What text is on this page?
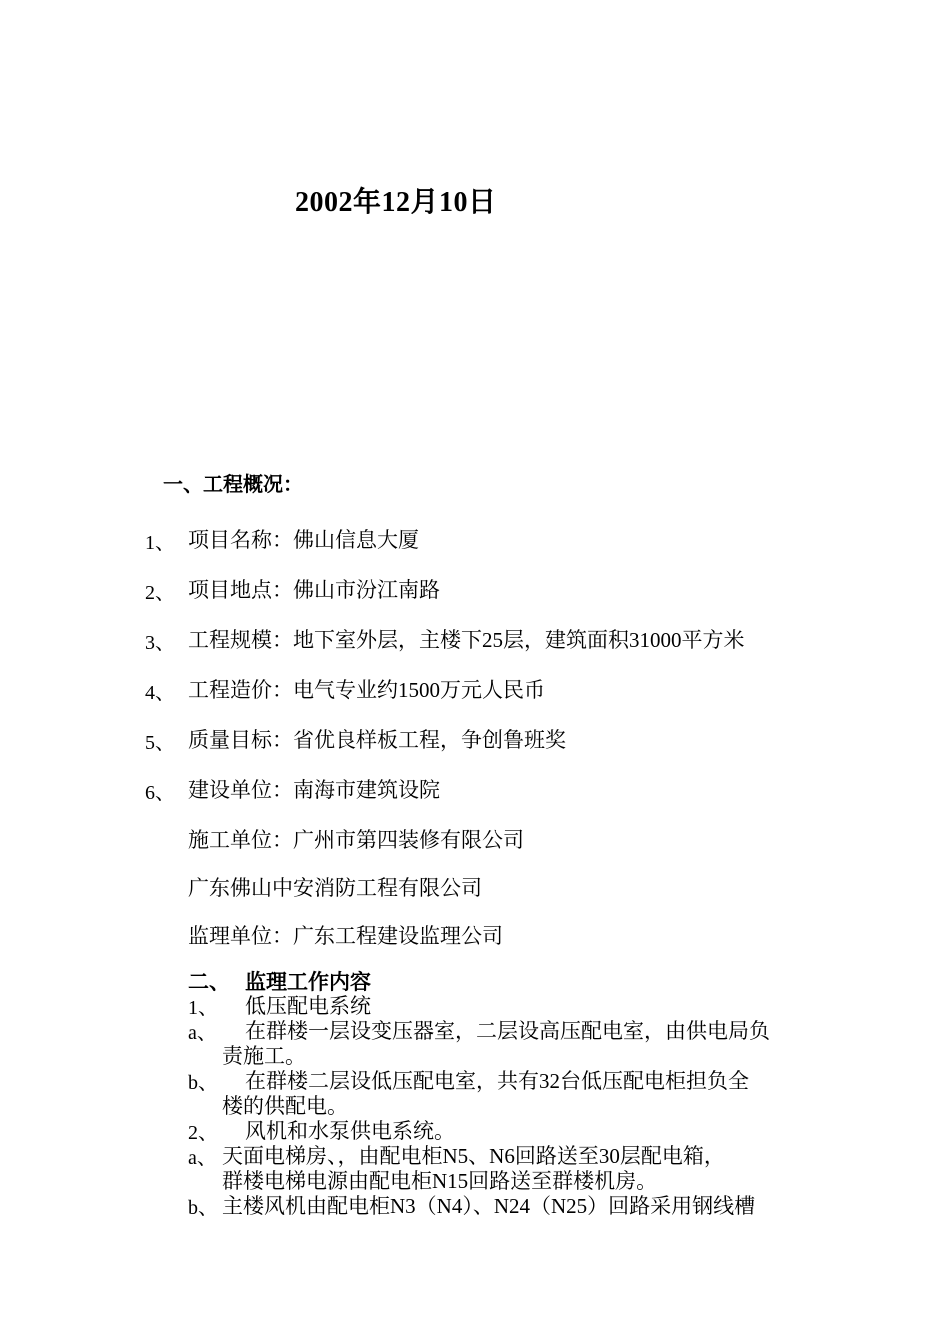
2002年12月10日
一、工程概况：
1、 项目名称：佛山信息大厦
2、 项目地点：佛山市汾江南路
3、 工程规模：地下室外层，主楼下25层，建筑面积31000平方米
4、 工程造价：电气专业约1500万元人民币
5、 质量目标：省优良样板工程，争创鲁班奖
6、 建设单位：南海市建筑设院
施工单位：广州市第四装修有限公司
广东佛山中安消防工程有限公司
监理单位：广东工程建设监理公司
二、 监理工作内容
1、 低压配电系统
a、 在群楼一层设变压器室，二层设高压配电室，由供电局负
责施工。
b、 在群楼二层设低压配电室，共有32台低压配电柜担负全
楼的供配电。
2、 风机和水泵供电系统。
a、 天面电梯房、，由配电柜N5、N6回路送至30层配电箱，
群楼电梯电源由配电柜N15回路送至群楼机房。
b、 主楼风机由配电柜N3（N4）、N24（N25）回路采用钢线槽
